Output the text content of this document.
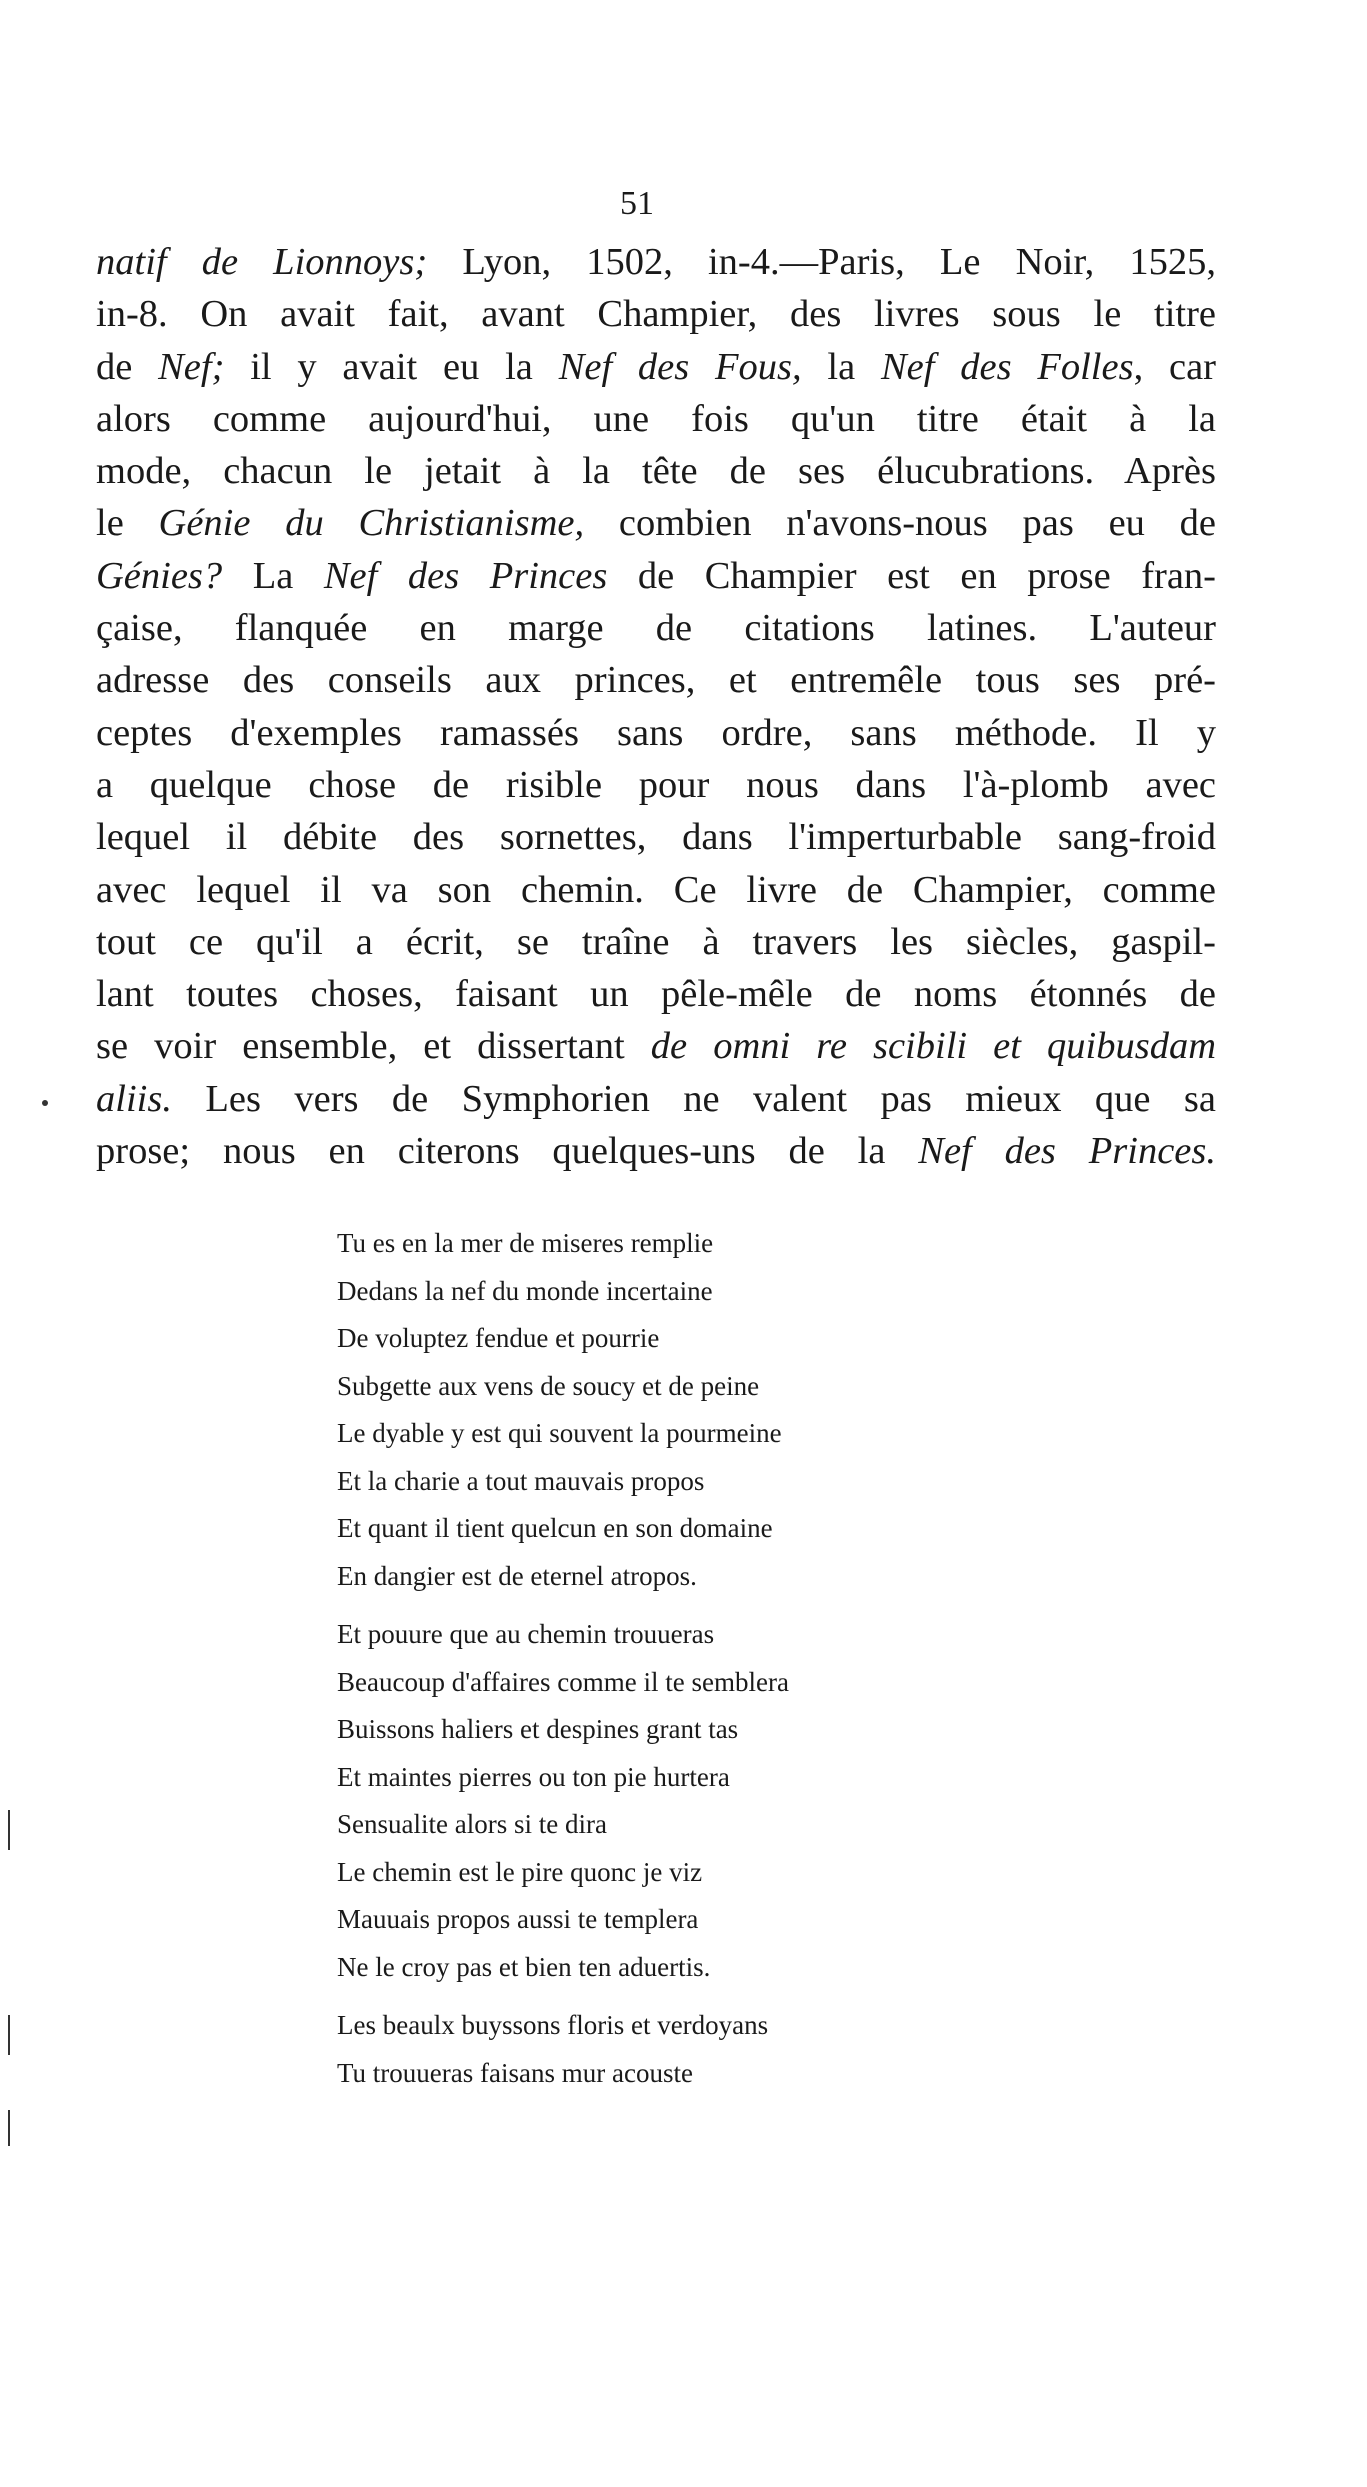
51
natif de Lionnoys; Lyon, 1502, in-4.—Paris, Le Noir, 1525,
in-8. On avait fait, avant Champier, des livres sous le titre
de Nef; il y avait eu la Nef des Fous, la Nef des Folles, car
alors comme aujourd'hui, une fois qu'un titre était à la
mode, chacun le jetait à la tête de ses élucubrations. Après
le Génie du Christianisme, combien n'avons-nous pas eu de
Génies? La Nef des Princes de Champier est en prose fran-
çaise, flanquée en marge de citations latines. L'auteur
adresse des conseils aux princes, et entremêle tous ses pré-
ceptes d'exemples ramassés sans ordre, sans méthode. Il y
a quelque chose de risible pour nous dans l'à-plomb avec
lequel il débite des sornettes, dans l'imperturbable sang-froid
avec lequel il va son chemin. Ce livre de Champier, comme
tout ce qu'il a écrit, se traîne à travers les siècles, gaspil-
lant toutes choses, faisant un pêle-mêle de noms étonnés de
se voir ensemble, et dissertant de omni re scibili et quibusdam
aliis. Les vers de Symphorien ne valent pas mieux que sa
prose; nous en citerons quelques-uns de la Nef des Princes.
Tu es en la mer de miseres remplie
Dedans la nef du monde incertaine
De voluptez fendue et pourrie
Subgette aux vens de soucy et de peine
Le dyable y est qui souvent la pourmeine
Et la charie a tout mauvais propos
Et quant il tient quelcun en son domaine
En dangier est de eternel atropos.
Et pouure que au chemin trouueras
Beaucoup d'affaires comme il te semblera
Buissons haliers et despines grant tas
Et maintes pierres ou ton pie hurtera
Sensualite alors si te dira
Le chemin est le pire quonc je viz
Mauuais propos aussi te templera
Ne le croy pas et bien ten aduertis.
Les beaulx buyssons floris et verdoyans
Tu trouueras faisans mur acouste
